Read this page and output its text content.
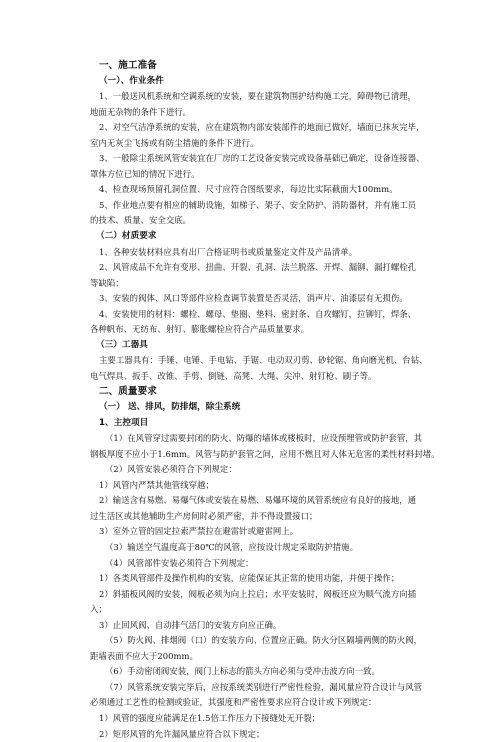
一、施工准备
（一）、作业条件
1、一般送风机系统和空调系统的安装，要在建筑物围护结构施工完，障碍物已清理，
地面无杂物的条件下进行。
2、对空气洁净系统的安装，应在建筑物内部安装部件的地面已做好，墙面已抹灰完毕，
室内无灰尘飞扬或有防尘措施的条件下进行。
3、一般除尘系统风管安装宜在厂房的工艺设备安装完或设备基础已确定，设备连接器、
罩体方位已知的情况下进行。
4、检查现场预留孔洞位置、尺寸应符合图纸要求，每边比实际截面大100mm。
5、作业地点要有相应的辅助设施，如梯子、架子、安全防护、消防器材，并有施工员
的技术、质量、安全交底。
（二）材质要求
1、各种安装材料应具有出厂合格证明书或质量鉴定文件及产品清单。
2、风管成品不允许有变形、扭曲、开裂、孔洞、法兰脱落、开焊、漏铆、漏打螺栓孔
等缺陷；
3、安装的阀体、风口等部件应检查调节装置是否灵活，消声片、油漆层有无损伤。
4、安装使用的材料：螺栓、螺母、垫圈、垫料、密封条、自攻螺钉，拉铆钉，焊条、
各种帆布、无纺布、射钉、膨胀螺栓应符合产品质量要求。
（三）工器具
主要工器具有：手锤、电锤、手电钻、手锯、电动双刃剪、砂轮锯、角向磨光机、台钻、
电气焊具、扳手、改锥、手剪、倒链、高凳、大绳、尖冲、射钉枪、刷子等。
二、质量要求
（一） 送、排风，防排烟，除尘系统
1、主控项目
（1）在风管穿过需要封闭的防火、防爆的墙体或楼板时，应设预埋管或防护套管，其
钢板厚度不应小于1.6mm。风管与防护套管之间，应用不燃且对人体无危害的柔性材料封堵。
（2）风管安装必须符合下列规定：
1）风管内严禁其他管线穿越；
2）输送含有易燃、易爆气体或安装在易燃、易爆环境的风管系统应有良好的接地，通
过生活区或其他辅助生产房间时必须严密，并不得设置接口；
3）室外立管的固定拉索严禁拉在避雷针或避雷网上。
（3）输送空气温度高于80℃的风管，应按设计规定采取防护措施。
（4）风管部件安装必须符合下列规定：
1）各类风管部件及操作机构的安装，应能保证其正常的使用功能，并便于操作；
2）斜插板风阀的安装，阀板必须为向上拉启；水平安装时，阀板还应为顺气流方向插
入；
3）止回风阀、自动排气活门的安装方向应正确。
（5）防火阀、排烟阀（口）的安装方向、位置应正确。防火分区隔墙两侧的防火阀，
距墙表面不应大于200mm。
（6）手动密闭阀安装，阀门上标志的箭头方向必须与受冲击波方向一致。
（7）风管系统安装完毕后，应按系统类别进行严密性检验，漏风量应符合设计与风管
必须通过工艺性的检测或验证，其强度和严密性要求应符合设计或下列规定：
1）风管的强度应能满足在1.5倍工作压力下接缝处无开裂；
2）矩形风管的允许漏风量应符合以下规定；
